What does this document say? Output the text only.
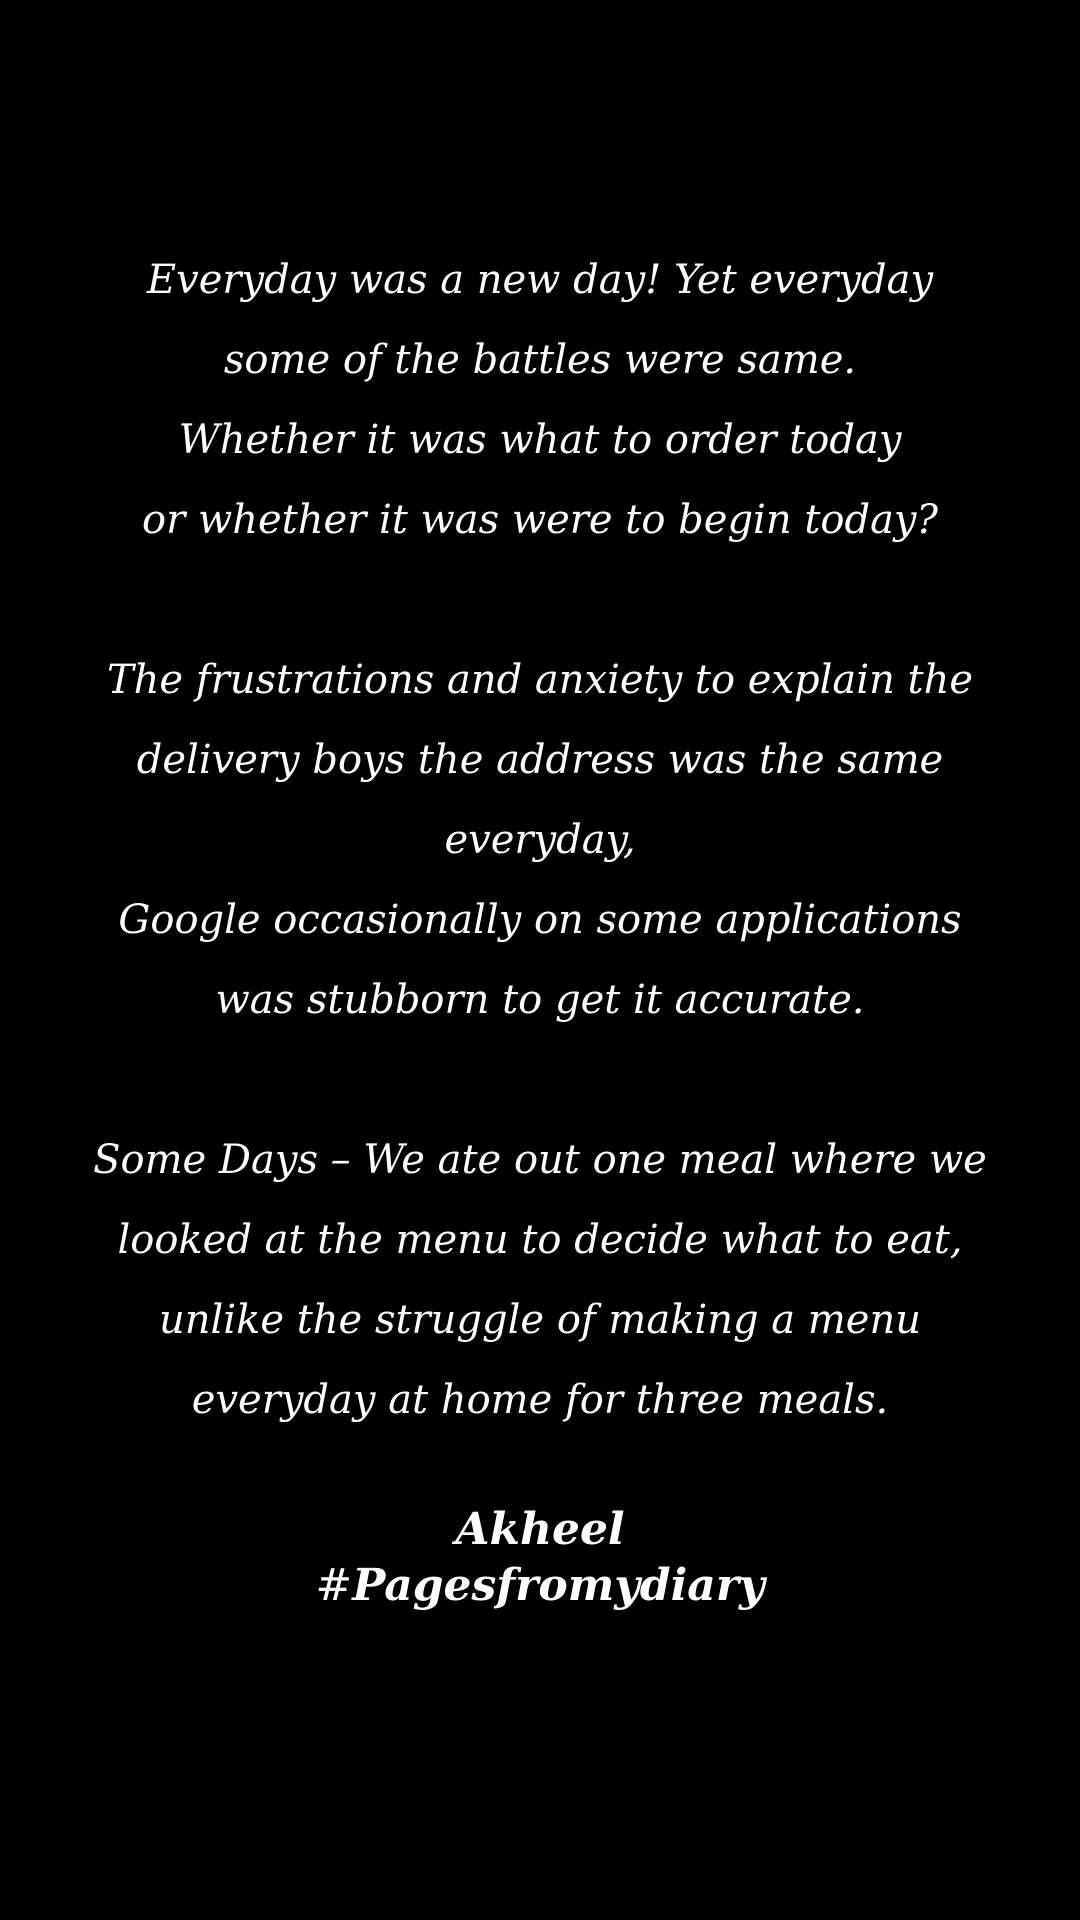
Everyday was a new day! Yet everyday
some of the battles were same.
Whether it was what to order today
or whether it was were to begin today?
The frustrations and anxiety to explain the
delivery boys the address was the same
everyday,
Google occasionally on some applications
was stubborn to get it accurate.
Some Days – We ate out one meal where we
looked at the menu to decide what to eat,
unlike the struggle of making a menu
everyday at home for three meals.
Akheel
#Pagesfromydiary
